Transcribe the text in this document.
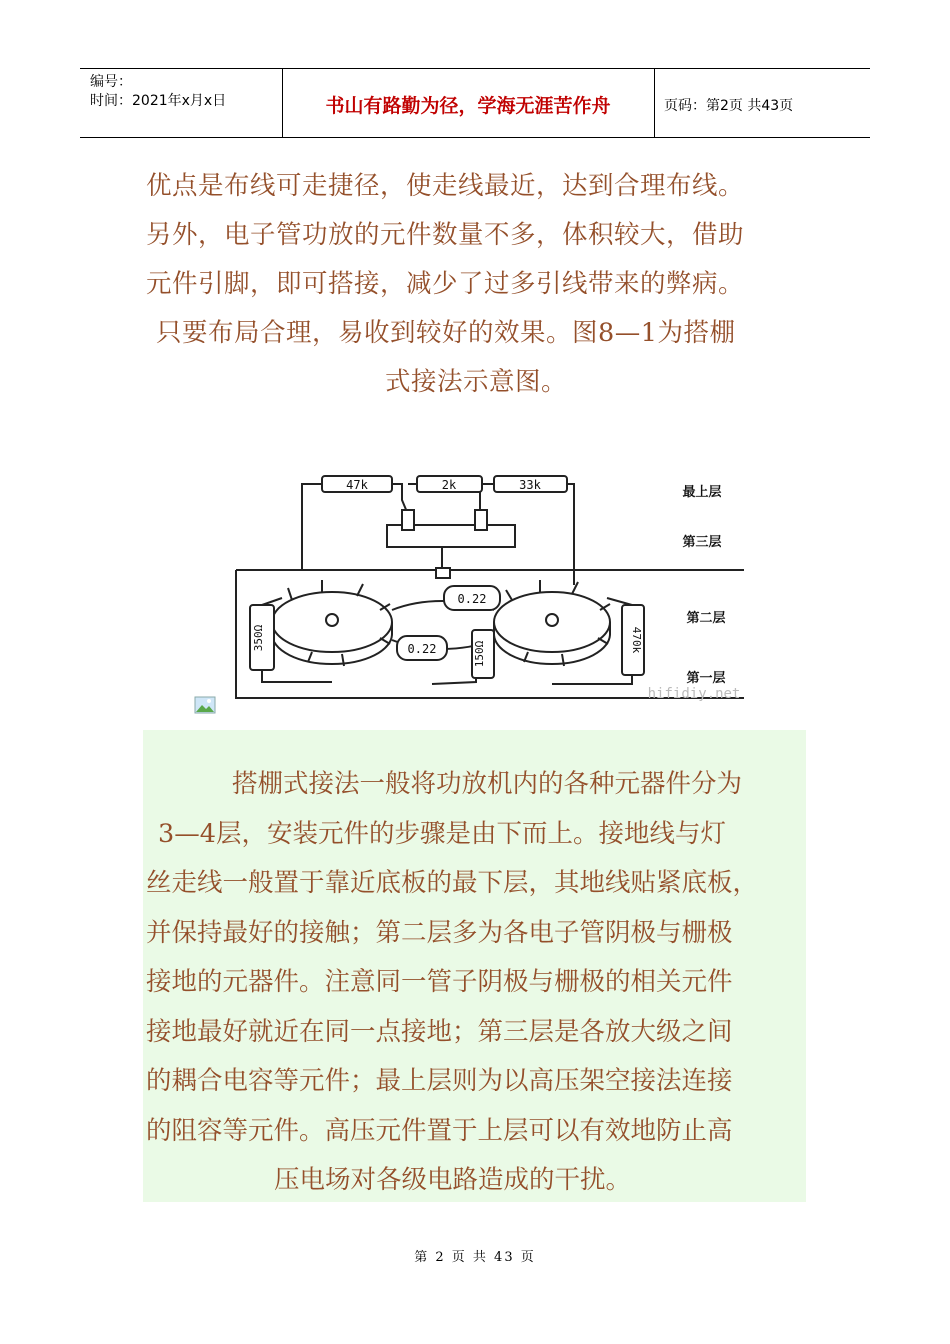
编号：
时间：2021年x月x日	书山有路勤为径，学海无涯苦作舟	页码：第2页 共43页
优点是布线可走捷径，使走线最近，达到合理布线。
另外，电子管功放的元件数量不多，体积较大，借助
元件引脚，即可搭接，减少了过多引线带来的弊病。
只要布局合理，易收到较好的效果。图8—1为搭棚
式接法示意图。
47k	2k	33k
0.22
0.22
350Ω
150Ω
470k
最上层
第三层
第二层
第一层
hifidiy.net
　　搭棚式接法一般将功放机内的各种元器件分为
3—4层，安装元件的步骤是由下而上。接地线与灯
丝走线一般置于靠近底板的最下层，其地线贴紧底板，
并保持最好的接触；第二层多为各电子管阴极与栅极
接地的元器件。注意同一管子阴极与栅极的相关元件
接地最好就近在同一点接地；第三层是各放大级之间
的耦合电容等元件；最上层则为以高压架空接法连接
的阻容等元件。高压元件置于上层可以有效地防止高
压电场对各级电路造成的干扰。
第 2 页 共 43 页
